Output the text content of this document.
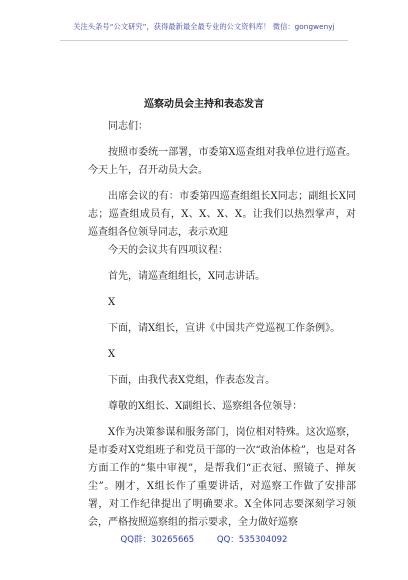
关注头条号“公文研究”，获得最新最全最专业的公文资料库！ 微信：gongwenyj
巡察动员会主持和表态发言

同志们：

按照市委统一部署，市委第X巡查组对我单位进行巡查。今天上午，召开动员大会。

出席会议的有：市委第四巡查组组长X同志；副组长X同志；巡查组成员有，X、X、X、X。让我们以热烈掌声，对巡查组各位领导同志，表示欢迎

今天的会议共有四项议程：

首先，请巡查组组长，X同志讲话。

X

下面，请X组长，宣讲《中国共产党巡视工作条例》。

X

下面，由我代表X党组，作表态发言。

尊敬的X组长、X副组长、巡察组各位领导：

X作为决策参谋和服务部门，岗位相对特殊。这次巡察，是市委对X党组班子和党员干部的一次“政治体检”，也是对各方面工作的“集中审视”，是帮我们“正衣冠、照镜子、掸灰尘”。刚才，X组长作了重要讲话，对巡察工作做了安排部署，对工作纪律提出了明确要求。X全体同志要深刻学习领会，严格按照巡察组的指示要求，全力做好巡察

QQ群：30265665	QQ：535304092
